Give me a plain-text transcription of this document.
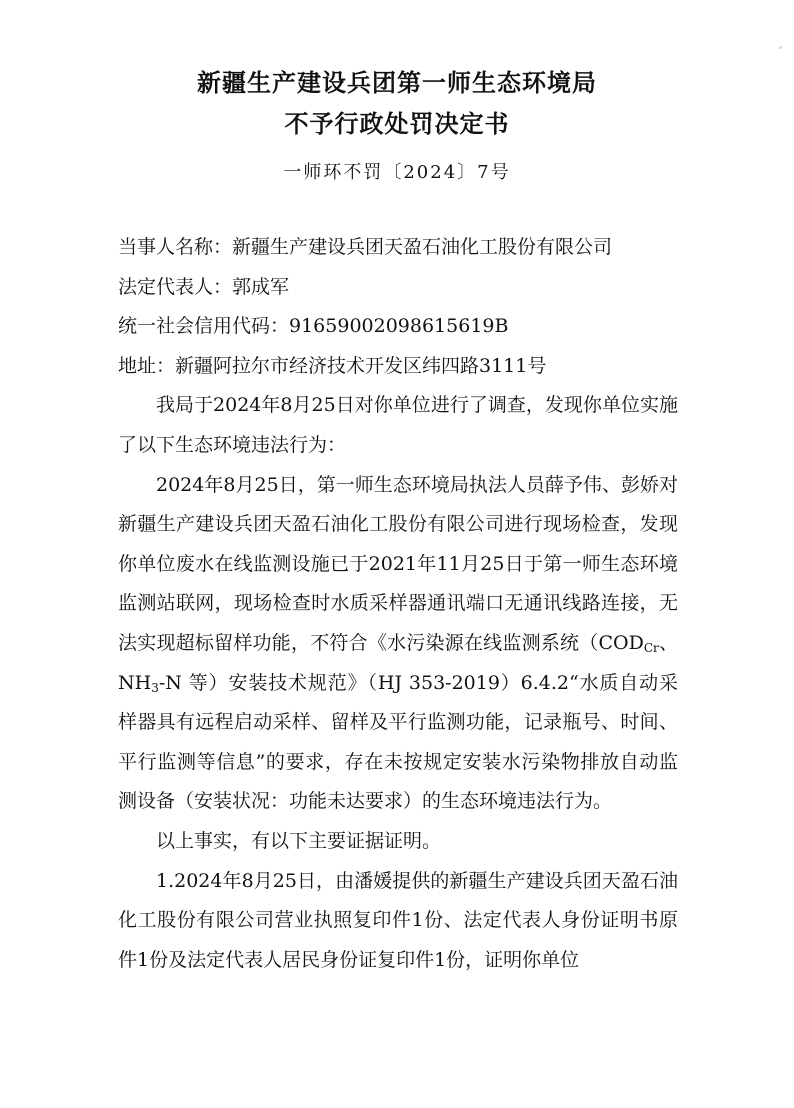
新疆生产建设兵团第一师生态环境局
不予行政处罚决定书
一师环不罚〔2024〕7号

当事人名称：新疆生产建设兵团天盈石油化工股份有限公司

法定代表人：郭成军

统一社会信用代码：91659002098615619B

地址：新疆阿拉尔市经济技术开发区纬四路3111号

我局于2024年8月25日对你单位进行了调查，发现你单位实施了以下生态环境违法行为：

2024年8月25日，第一师生态环境局执法人员薛予伟、彭娇对新疆生产建设兵团天盈石油化工股份有限公司进行现场检查，发现你单位废水在线监测设施已于2021年11月25日于第一师生态环境监测站联网，现场检查时水质采样器通讯端口无通讯线路连接，无法实现超标留样功能，不符合《水污染源在线监测系统（$COD_{Cr}$、$NH_3-N$ 等）安装技术规范》（HJ 353-2019）6.4.2“水质自动采样器具有远程启动采样、留样及平行监测功能，记录瓶号、时间、平行监测等信息”的要求，存在未按规定安装水污染物排放自动监测设备（安装状况：功能未达要求）的生态环境违法行为。

以上事实，有以下主要证据证明。

1.2024年8月25日，由潘媛提供的新疆生产建设兵团天盈石油化工股份有限公司营业执照复印件1份、法定代表人身份证明书原件1份及法定代表人居民身份证复印件1份，证明你单位
